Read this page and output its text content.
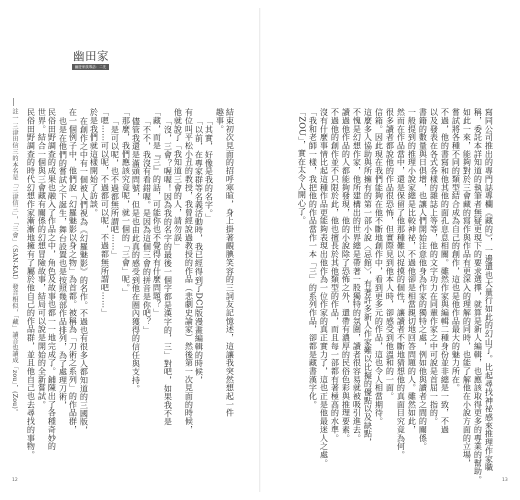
幽田家
幽遊家族專訪：二先
結束初次見面的招呼寒暄，身上掛著靦腆笑容的三詞友記憶述，這讓我突然想起一件
趣事。
「其實，好像是我的名字。」
「以前，在專家群等名義活動時，我已經得到了DCI版漫畫編輯的時候，
有位叫平松小丑的教授，我曾經說過教授的作品（悲劇史論家）然後第一次見面的時候，
他就說了「我知道三會的人，請勿誤」
「沒，三會？喔喔！因為我的名字的最後一個字都是漢字的，三」對吧，如果我不是
「藏，而是『三』的話，可能你也不覺得有什麼問題？」
「不不，我沒有看錯喔。是因為這個三會的拼音是你吧？」
儘管我還是滿頭問號，但是也由此真的感受到他在圈內獲得的信任與支持。
「那麼，我們應該究竟呢，就一個的「三會」呢。」
「是可以呢，也不過都無所謂吧……」
「嗯……可以呢，不過都可以呢，不過都無所謂吧……」
於是我們就這樣開始了訪談。
在創作之中有一個被人們視為《幻羅魅影》的名作。不過也有很多人都知道的三國版，
在一個例子中，他們說「幻羅魅影以身之物」為首都。被稱為「刀術之系列」的作品群，
也是在他們的嘗試之下誕生，舞台設置也是按照幾部作品排列，為了處理刀術，
民俗田野調查的成果也融入了作品之中，角色及故事也都一一地完成了。鋪陳出了各種奇妙的
世界。結合一個與三會藏有關係的幻想冒險故事，結局可以說是開始的全新嘗試。
民俗田野調查的時代幻想作家漸漸地擁有了屬於他自己的作品群，並且他自己也去尋找的事物。
註一 三津田信三的本名是「三津信三」，「三會」（SAN-KAI）發音相似，「藏」讀音也讀成「zou」，(Zou)。
12
寫同公司推出的專門誌專欄《藏的》，一邊還也大量行如此的幻山了。比起尋找神祕感來推理作家職
稱，委託本詳知道的執筆者無疑更現下的要求選擇，就算是新人編輯，也應該取得更多的專業的幫助。
如此一來，能夠對於三會藏的寫作與作品有更深入的理解的同時，也能了解他在小說方面的立場，
嘗試將各種不同的類型結合成為自己的創作，這也是他作品最大的魅力所在。
不過，他的書寫和他其他的面孔息息相關。雖然作家與編輯二種身份並非總是一致，不過
以及發表在各式各樣的雜誌上等等，他的文字功力在同輩作家之中可說是首屈一指的。
書籍的數量與日俱增，也讓人們開始注意他身為作家的獨特之處，例如他與讀者之間的關係。
一般提到的推理小說家總是比較神祕，不過他卻是相當親切地回答問題的人。雖然如此，
然而在作品當中，還是保留了他那種難以捉摸的個性，讓讀者不斷地猜想他的真面目究竟為何。
很多讀者都說他的作品很恐怖，但實際見到他本人時，卻感受到他溫和的一面。
信箱。因此現在我們能夠在他不斷地創作中，看到更多元的作品，這也令人相當期待。
這麼多人協助與所擁有的第一部小說〈忌館〉，有著許多新人作家難以比擬的優點以及缺點，
不愧是幻想作家，他所建構出的世界總是帶著一股獨特的氛圍，讀者很容易就被吸引進去。
讀過他作品的人都能夠發現，他的小說除了恐怖之外，還帶有濃厚的民俗色彩與推理要素。
不過他的創作並不只限於此，他也擅長於其他類型的作品，而且每一部都有著極高的水準。
沒有什麼事情比起這種作品更能夠表現出他作為一位作家的真正實力了，這也正是他最迷人之處。
「我和老師一樣，我把他的作品當作一本「三」的系列作品，卻都是藏書漢字化。
「ZOU」，實在太令人開心了。
13
